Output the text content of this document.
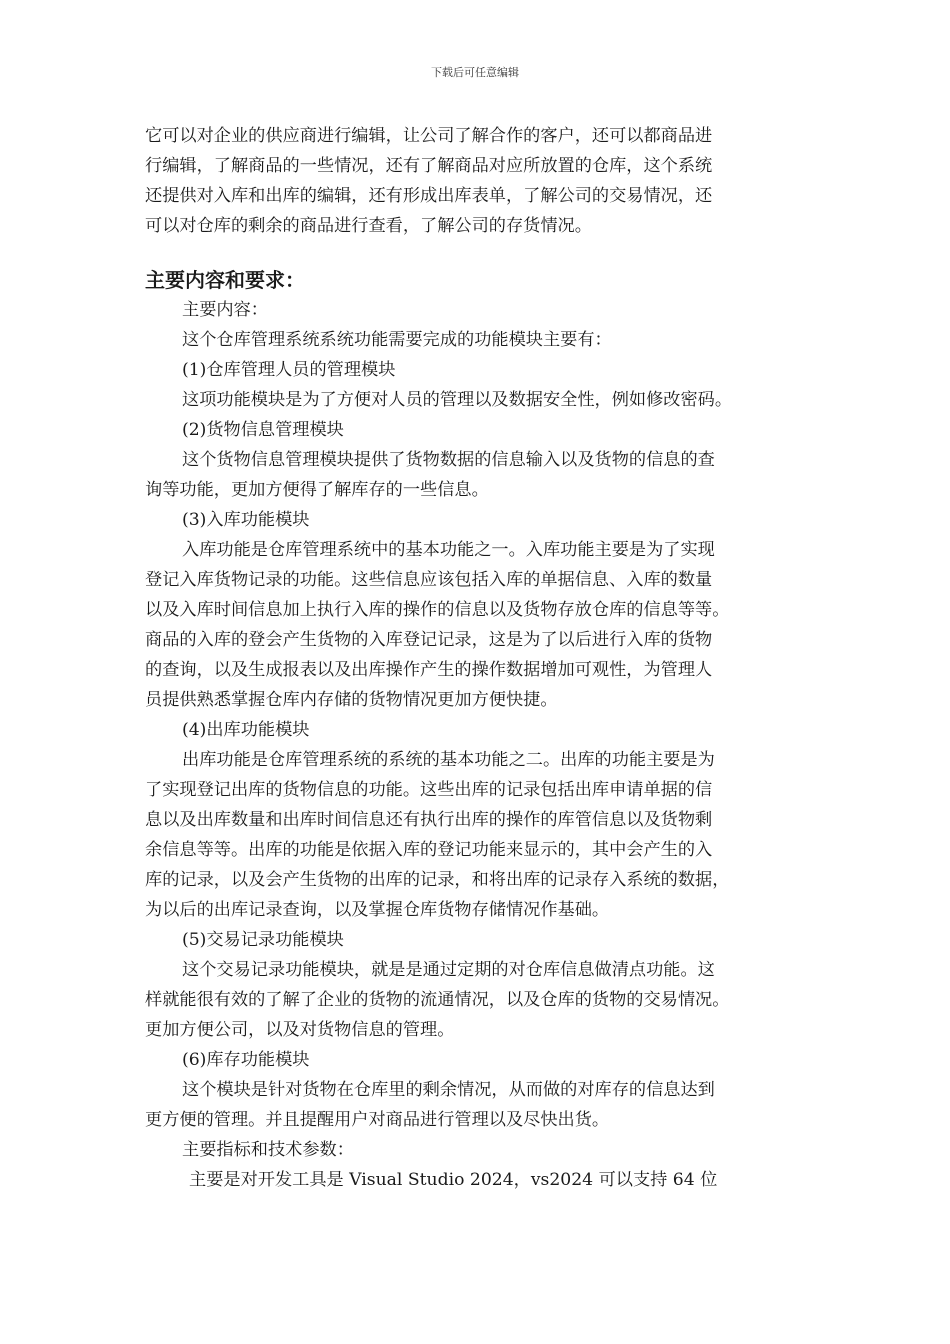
下载后可任意编辑
它可以对企业的供应商进行编辑，让公司了解合作的客户，还可以都商品进
行编辑，了解商品的一些情况，还有了解商品对应所放置的仓库，这个系统
还提供对入库和出库的编辑，还有形成出库表单，了解公司的交易情况，还
可以对仓库的剩余的商品进行查看，了解公司的存货情况。
主要内容和要求：
主要内容：
这个仓库管理系统系统功能需要完成的功能模块主要有：
(1)仓库管理人员的管理模块
这项功能模块是为了方便对人员的管理以及数据安全性，例如修改密码。
(2)货物信息管理模块
这个货物信息管理模块提供了货物数据的信息输入以及货物的信息的查
询等功能，更加方便得了解库存的一些信息。
(3)入库功能模块
入库功能是仓库管理系统中的基本功能之一。入库功能主要是为了实现
登记入库货物记录的功能。这些信息应该包括入库的单据信息、入库的数量
以及入库时间信息加上执行入库的操作的信息以及货物存放仓库的信息等等。
商品的入库的登会产生货物的入库登记记录，这是为了以后进行入库的货物
的查询，以及生成报表以及出库操作产生的操作数据增加可观性，为管理人
员提供熟悉掌握仓库内存储的货物情况更加方便快捷。
(4)出库功能模块
出库功能是仓库管理系统的系统的基本功能之二。出库的功能主要是为
了实现登记出库的货物信息的功能。这些出库的记录包括出库申请单据的信
息以及出库数量和出库时间信息还有执行出库的操作的库管信息以及货物剩
余信息等等。出库的功能是依据入库的登记功能来显示的，其中会产生的入
库的记录，以及会产生货物的出库的记录，和将出库的记录存入系统的数据，
为以后的出库记录查询，以及掌握仓库货物存储情况作基础。
(5)交易记录功能模块
这个交易记录功能模块，就是是通过定期的对仓库信息做清点功能。这
样就能很有效的了解了企业的货物的流通情况，以及仓库的货物的交易情况。
更加方便公司，以及对货物信息的管理。
(6)库存功能模块
这个模块是针对货物在仓库里的剩余情况，从而做的对库存的信息达到
更方便的管理。并且提醒用户对商品进行管理以及尽快出货。
主要指标和技术参数：
主要是对开发工具是 Visual Studio 2024，vs2024 可以支持 64 位
